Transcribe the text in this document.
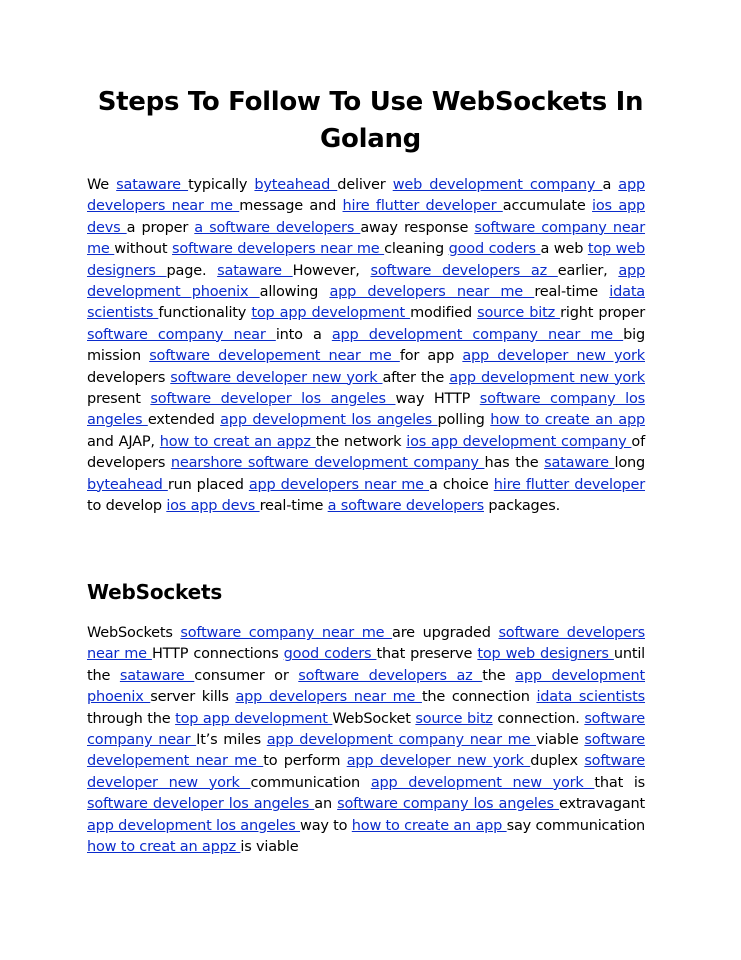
Steps To Follow To Use WebSockets In Golang

We sataware typically byteahead deliver web development company a app developers near me message and hire flutter developer accumulate ios app devs a proper a software developers away response software company near me without software developers near me cleaning good coders a web top web designers page. sataware However, software developers az earlier, app development phoenix allowing app developers near me real-time idata scientists functionality top app development modified source bitz right proper software company near into a app development company near me big mission software developement near me for app app developer new york developers software developer new york after the app development new york present software developer los angeles way HTTP software company los angeles extended app development los angeles polling how to create an app and AJAP, how to creat an appz the network ios app development company of developers nearshore software development company has the sataware long byteahead run placed app developers near me a choice hire flutter developer to develop ios app devs real-time a software developers packages.

WebSockets

WebSockets software company near me are upgraded software developers near me HTTP connections good coders that preserve top web designers until the sataware consumer or software developers az the app development phoenix server kills app developers near me the connection idata scientists through the top app development WebSocket source bitz connection. software company near It’s miles app development company near me viable software developement near me to perform app developer new york duplex software developer new york communication app development new york that is software developer los angeles an software company los angeles extravagant app development los angeles way to how to create an app say communication how to creat an appz is viable
